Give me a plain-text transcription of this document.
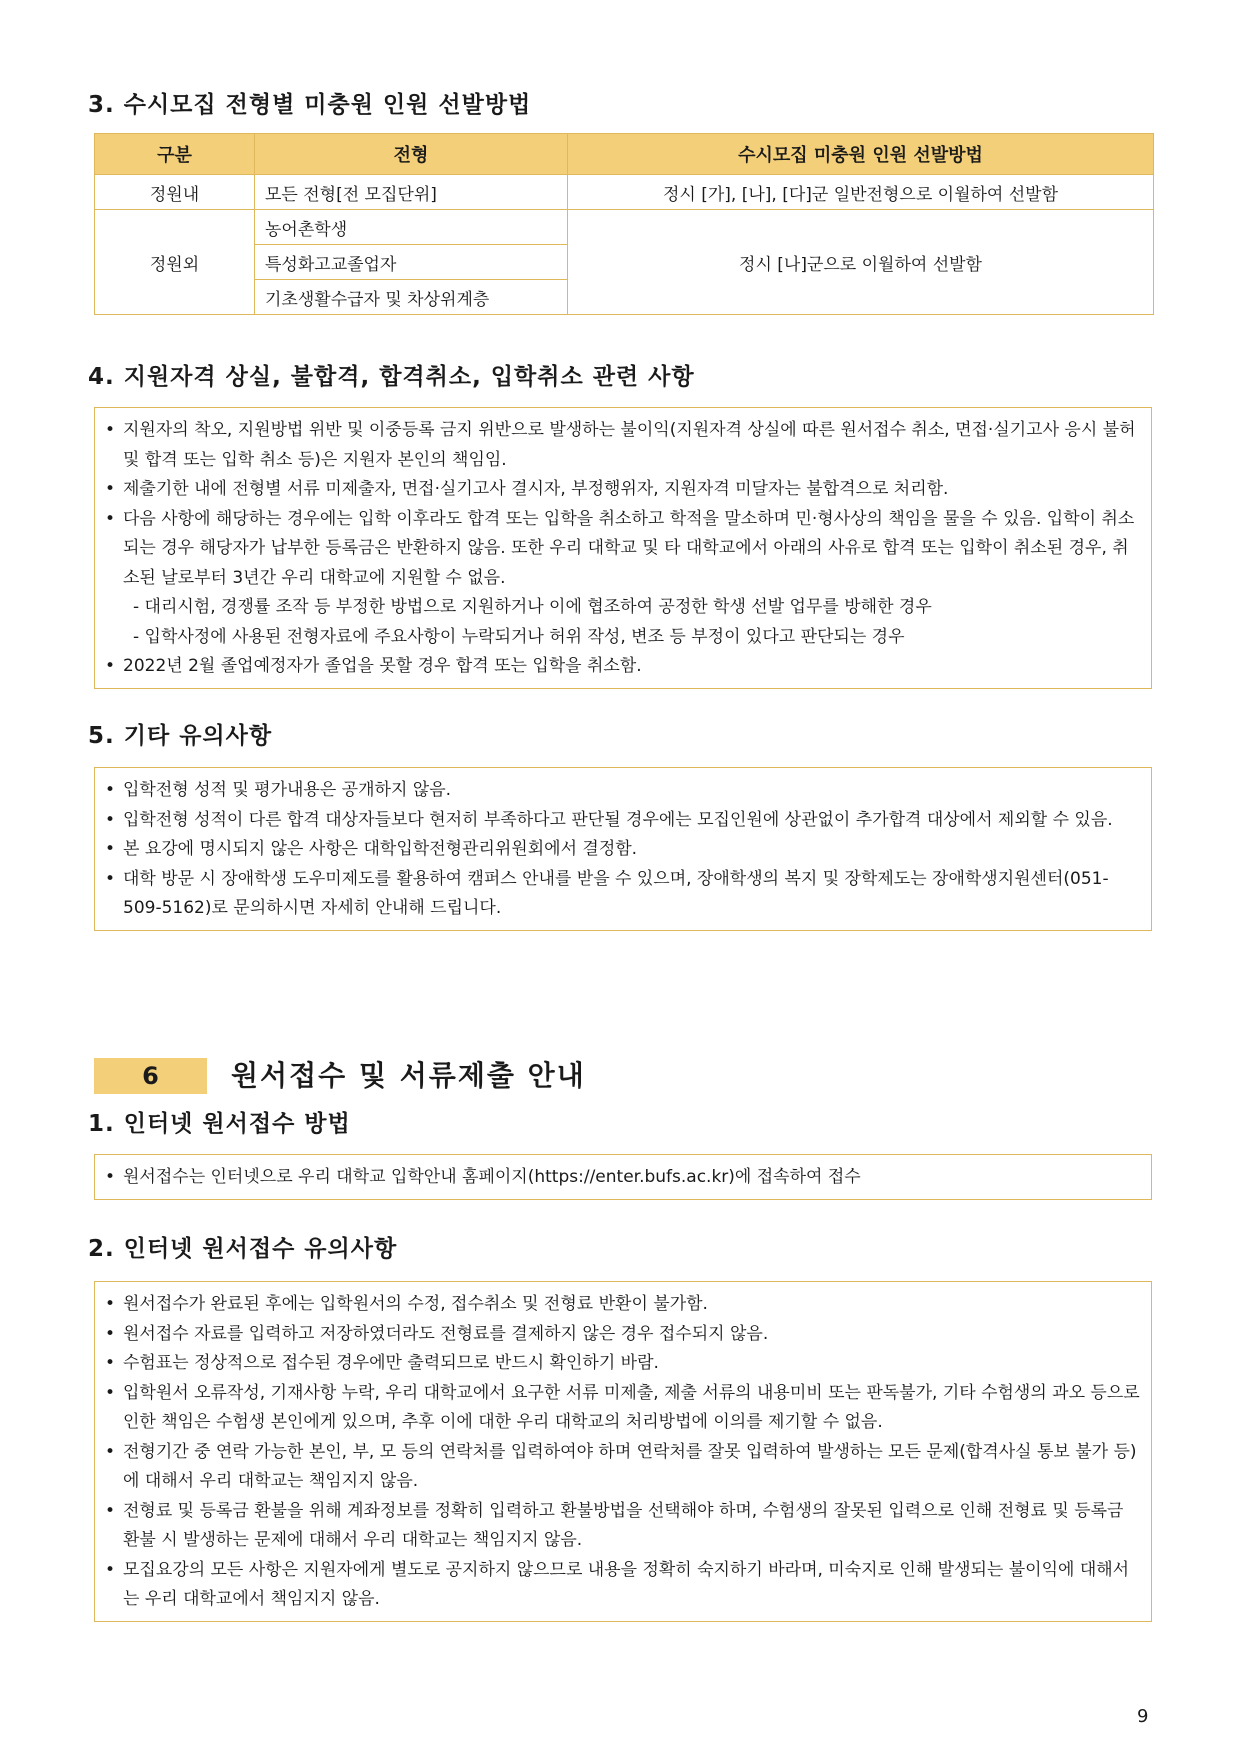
3. 수시모집 전형별 미충원 인원 선발방법
구분	전형	수시모집 미충원 인원 선발방법
정원내	모든 전형[전 모집단위]	정시 [가], [나], [다]군 일반전형으로 이월하여 선발함
정원외	농어촌학생	정시 [나]군으로 이월하여 선발함
	특성화고교졸업자	
	기초생활수급자 및 차상위계층	
4. 지원자격 상실, 불합격, 합격취소, 입학취소 관련 사항
• 지원자의 착오, 지원방법 위반 및 이중등록 금지 위반으로 발생하는 불이익(지원자격 상실에 따른 원서접수 취소, 면접·실기고사 응시 불허 및 합격 또는 입학 취소 등)은 지원자 본인의 책임임.
• 제출기한 내에 전형별 서류 미제출자, 면접·실기고사 결시자, 부정행위자, 지원자격 미달자는 불합격으로 처리함.
• 다음 사항에 해당하는 경우에는 입학 이후라도 합격 또는 입학을 취소하고 학적을 말소하며 민·형사상의 책임을 물을 수 있음. 입학이 취소되는 경우 해당자가 납부한 등록금은 반환하지 않음. 또한 우리 대학교 및 타 대학교에서 아래의 사유로 합격 또는 입학이 취소된 경우, 취소된 날로부터 3년간 우리 대학교에 지원할 수 없음.
- 대리시험, 경쟁률 조작 등 부정한 방법으로 지원하거나 이에 협조하여 공정한 학생 선발 업무를 방해한 경우
- 입학사정에 사용된 전형자료에 주요사항이 누락되거나 허위 작성, 변조 등 부정이 있다고 판단되는 경우
• 2022년 2월 졸업예정자가 졸업을 못할 경우 합격 또는 입학을 취소함.
5. 기타 유의사항
• 입학전형 성적 및 평가내용은 공개하지 않음.
• 입학전형 성적이 다른 합격 대상자들보다 현저히 부족하다고 판단될 경우에는 모집인원에 상관없이 추가합격 대상에서 제외할 수 있음.
• 본 요강에 명시되지 않은 사항은 대학입학전형관리위원회에서 결정함.
• 대학 방문 시 장애학생 도우미제도를 활용하여 캠퍼스 안내를 받을 수 있으며, 장애학생의 복지 및 장학제도는 장애학생지원센터(051-509-5162)로 문의하시면 자세히 안내해 드립니다.
6	원서접수 및 서류제출 안내
1. 인터넷 원서접수 방법
• 원서접수는 인터넷으로 우리 대학교 입학안내 홈페이지(https://enter.bufs.ac.kr)에 접속하여 접수
2. 인터넷 원서접수 유의사항
• 원서접수가 완료된 후에는 입학원서의 수정, 접수취소 및 전형료 반환이 불가함.
• 원서접수 자료를 입력하고 저장하였더라도 전형료를 결제하지 않은 경우 접수되지 않음.
• 수험표는 정상적으로 접수된 경우에만 출력되므로 반드시 확인하기 바람.
• 입학원서 오류작성, 기재사항 누락, 우리 대학교에서 요구한 서류 미제출, 제출 서류의 내용미비 또는 판독불가, 기타 수험생의 과오 등으로 인한 책임은 수험생 본인에게 있으며, 추후 이에 대한 우리 대학교의 처리방법에 이의를 제기할 수 없음.
• 전형기간 중 연락 가능한 본인, 부, 모 등의 연락처를 입력하여야 하며 연락처를 잘못 입력하여 발생하는 모든 문제(합격사실 통보 불가 등)에 대해서 우리 대학교는 책임지지 않음.
• 전형료 및 등록금 환불을 위해 계좌정보를 정확히 입력하고 환불방법을 선택해야 하며, 수험생의 잘못된 입력으로 인해 전형료 및 등록금 환불 시 발생하는 문제에 대해서 우리 대학교는 책임지지 않음.
• 모집요강의 모든 사항은 지원자에게 별도로 공지하지 않으므로 내용을 정확히 숙지하기 바라며, 미숙지로 인해 발생되는 불이익에 대해서는 우리 대학교에서 책임지지 않음.
9
